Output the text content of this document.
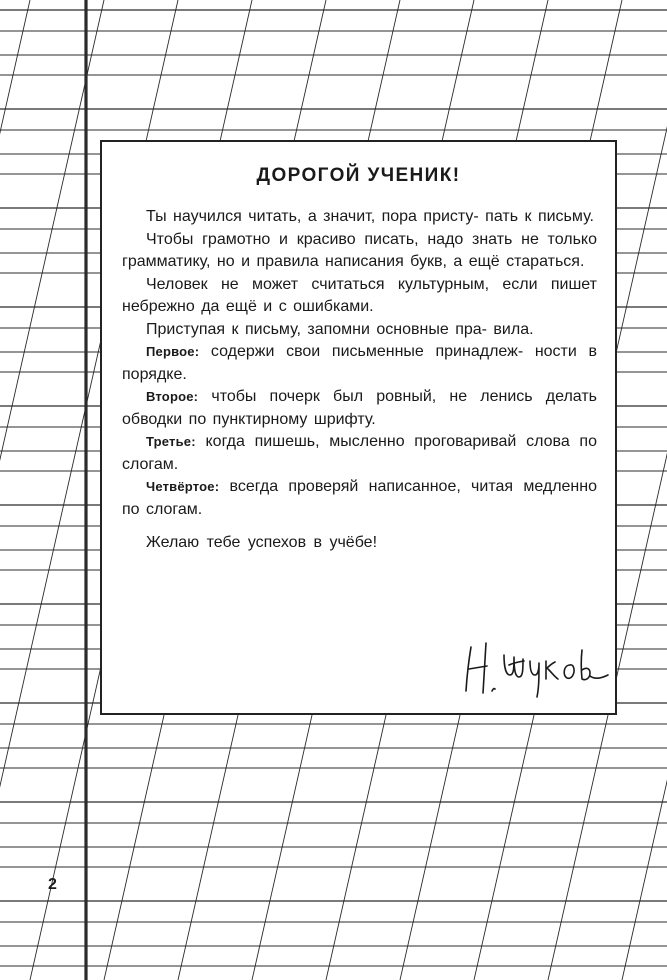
ДОРОГОЙ УЧЕНИК!

Ты научился читать, а значит, пора присту- пать к письму.

Чтобы грамотно и красиво писать, надо знать не только грамматику, но и правила написания букв, а ещё стараться.

Человек не может считаться культурным, если пишет небрежно да ещё и с ошибками.

Приступая к письму, запомни основные пра- вила.

Первое: содержи свои письменные принадлеж- ности в порядке.

Второе: чтобы почерк был ровный, не ленись делать обводки по пунктирному шрифту.

Третье: когда пишешь, мысленно проговаривай слова по слогам.

Четвёртое: всегда проверяй написанное, читая медленно по слогам.

Желаю тебе успехов в учёбе!

2
